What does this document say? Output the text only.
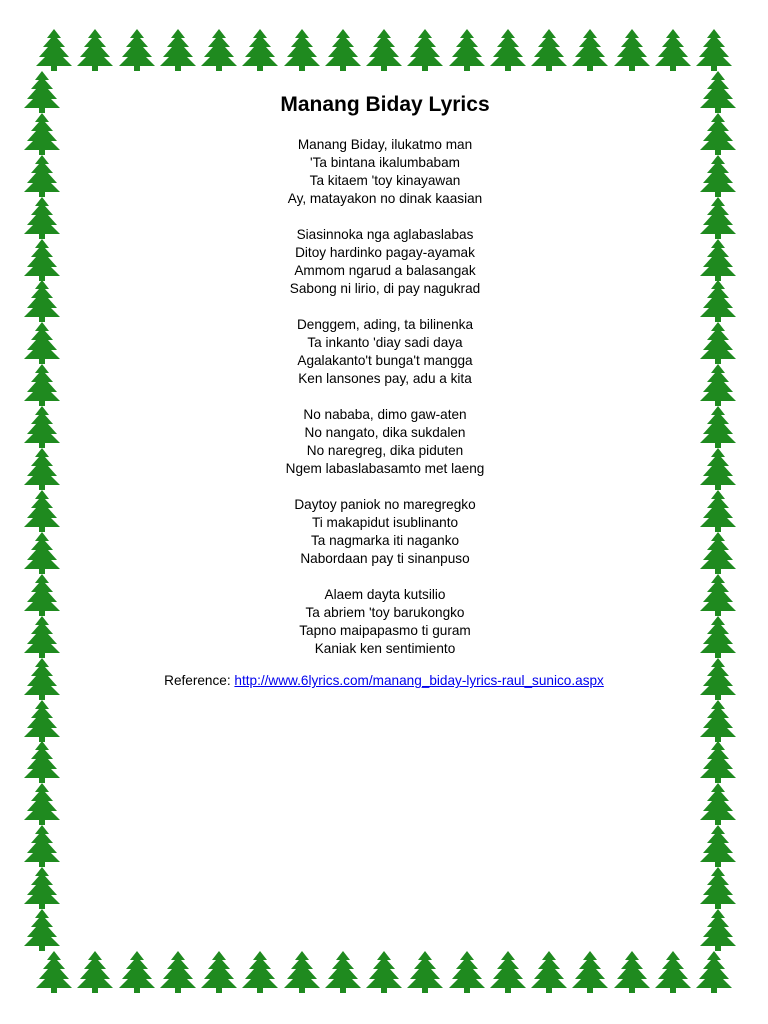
Manang Biday Lyrics
Manang Biday, ilukatmo man
'Ta bintana ikalumbabam
Ta kitaem 'toy kinayawan
Ay, matayakon no dinak kaasian
Siasinnoka nga aglabaslabas
Ditoy hardinko pagay-ayamak
Ammom ngarud a balasangak
Sabong ni lirio, di pay nagukrad
Denggem, ading, ta bilinenka
Ta inkanto 'diay sadi daya
Agalakanto't bunga't mangga
Ken lansones pay, adu a kita
No nababa, dimo gaw-aten
No nangato, dika sukdalen
No naregreg, dika piduten
Ngem labaslabasamto met laeng
Daytoy paniok no maregregko
Ti makapidut isublinanto
Ta nagmarka iti naganko
Nabordaan pay ti sinanpuso
Alaem dayta kutsilio
Ta abriem 'toy barukongko
Tapno maipapasmo ti guram
Kaniak ken sentimiento
Reference: http://www.6lyrics.com/manang_biday-lyrics-raul_sunico.aspx
